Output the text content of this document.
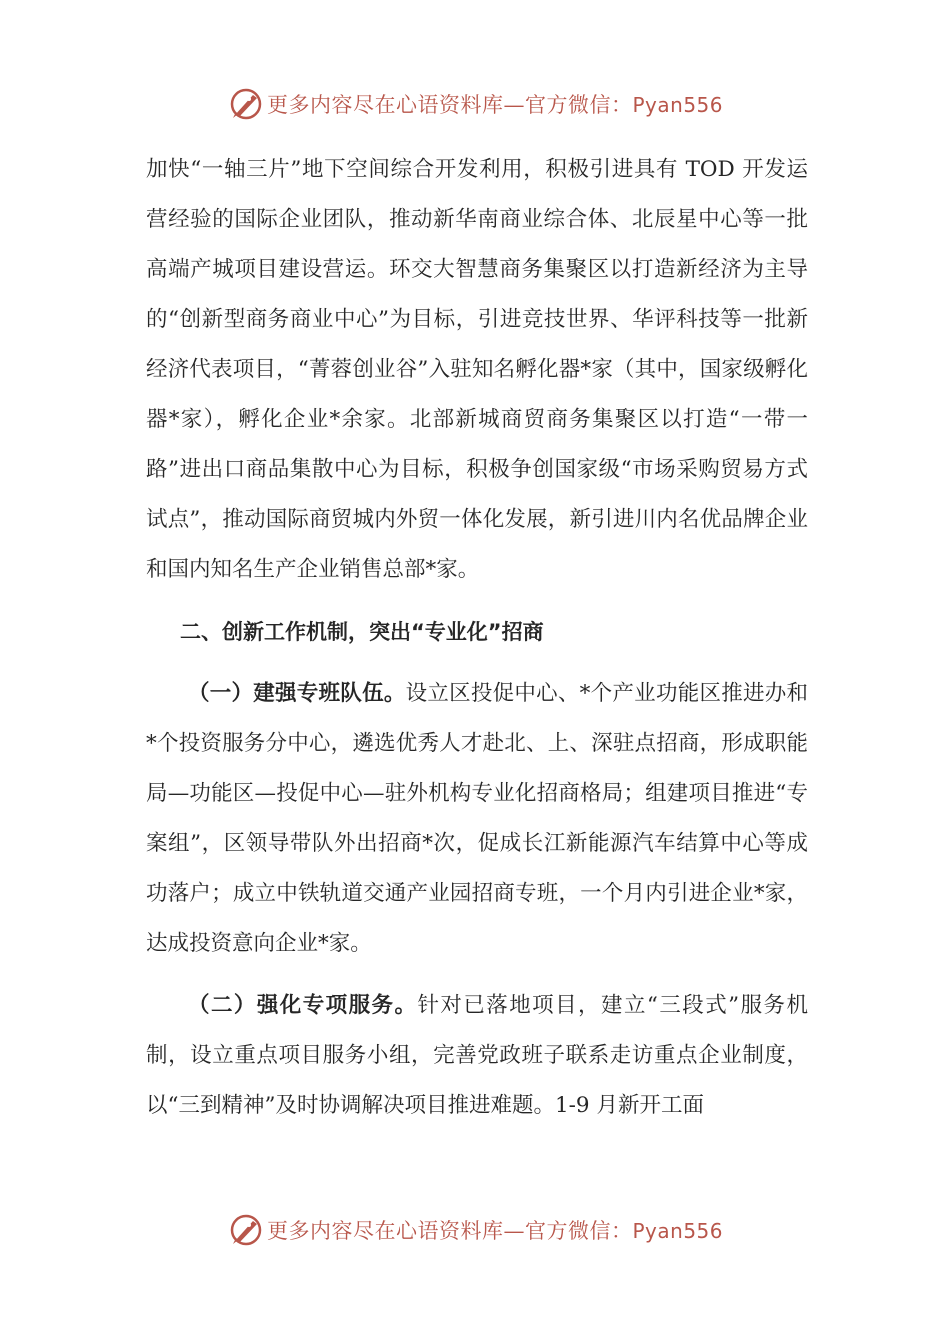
更多内容尽在心语资料库—官方微信：Pyan556

加快“一轴三片”地下空间综合开发利用，积极引进具有 TOD 开发运营经验的国际企业团队，推动新华南商业综合体、北辰星中心等一批高端产城项目建设营运。环交大智慧商务集聚区以打造新经济为主导的“创新型商务商业中心”为目标，引进竞技世界、华评科技等一批新经济代表项目，“菁蓉创业谷”入驻知名孵化器*家（其中，国家级孵化器*家），孵化企业*余家。北部新城商贸商务集聚区以打造“一带一路”进出口商品集散中心为目标，积极争创国家级“市场采购贸易方式试点”，推动国际商贸城内外贸一体化发展，新引进川内名优品牌企业和国内知名生产企业销售总部*家。

二、创新工作机制，突出“专业化”招商

（一）建强专班队伍。设立区投促中心、*个产业功能区推进办和*个投资服务分中心，遴选优秀人才赴北、上、深驻点招商，形成职能局—功能区—投促中心—驻外机构专业化招商格局；组建项目推进“专案组”，区领导带队外出招商*次，促成长江新能源汽车结算中心等成功落户；成立中铁轨道交通产业园招商专班，一个月内引进企业*家，达成投资意向企业*家。

（二）强化专项服务。针对已落地项目，建立“三段式”服务机制，设立重点项目服务小组，完善党政班子联系走访重点企业制度，以“三到精神”及时协调解决项目推进难题。1-9 月新开工面

更多内容尽在心语资料库—官方微信：Pyan556
